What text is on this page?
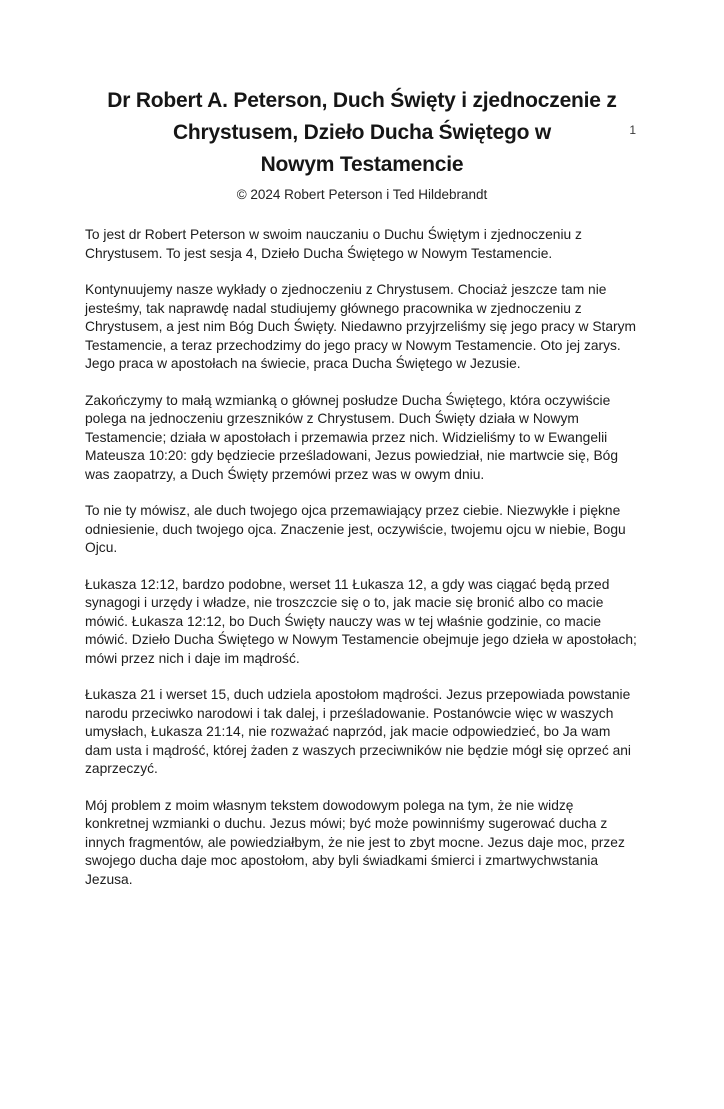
1
Dr Robert A. Peterson, Duch Święty i zjednoczenie z
Chrystusem, Dzieło Ducha Świętego w
Nowym Testamencie
© 2024 Robert Peterson i Ted Hildebrandt

To jest dr Robert Peterson w swoim nauczaniu o Duchu Świętym i zjednoczeniu z Chrystusem. To jest sesja 4, Dzieło Ducha Świętego w Nowym Testamencie.

Kontynuujemy nasze wykłady o zjednoczeniu z Chrystusem. Chociaż jeszcze tam nie jesteśmy, tak naprawdę nadal studiujemy głównego pracownika w zjednoczeniu z Chrystusem, a jest nim Bóg Duch Święty. Niedawno przyjrzeliśmy się jego pracy w Starym Testamencie, a teraz przechodzimy do jego pracy w Nowym Testamencie. Oto jej zarys. Jego praca w apostołach na świecie, praca Ducha Świętego w Jezusie.

Zakończymy to małą wzmianką o głównej posłudze Ducha Świętego, która oczywiście polega na jednoczeniu grzeszników z Chrystusem. Duch Święty działa w Nowym Testamencie; działa w apostołach i przemawia przez nich. Widzieliśmy to w Ewangelii Mateusza 10:20: gdy będziecie prześladowani, Jezus powiedział, nie martwcie się, Bóg was zaopatrzy, a Duch Święty przemówi przez was w owym dniu.

To nie ty mówisz, ale duch twojego ojca przemawiający przez ciebie. Niezwykłe i piękne odniesienie, duch twojego ojca. Znaczenie jest, oczywiście, twojemu ojcu w niebie, Bogu Ojcu.

Łukasza 12:12, bardzo podobne, werset 11 Łukasza 12, a gdy was ciągać będą przed synagogi i urzędy i władze, nie troszczcie się o to, jak macie się bronić albo co macie mówić. Łukasza 12:12, bo Duch Święty nauczy was w tej właśnie godzinie, co macie mówić. Dzieło Ducha Świętego w Nowym Testamencie obejmuje jego dzieła w apostołach; mówi przez nich i daje im mądrość.

Łukasza 21 i werset 15, duch udziela apostołom mądrości. Jezus przepowiada powstanie narodu przeciwko narodowi i tak dalej, i prześladowanie. Postanówcie więc w waszych umysłach, Łukasza 21:14, nie rozważać naprzód, jak macie odpowiedzieć, bo Ja wam dam usta i mądrość, której żaden z waszych przeciwników nie będzie mógł się oprzeć ani zaprzeczyć.

Mój problem z moim własnym tekstem dowodowym polega na tym, że nie widzę konkretnej wzmianki o duchu. Jezus mówi; być może powinniśmy sugerować ducha z innych fragmentów, ale powiedziałbym, że nie jest to zbyt mocne. Jezus daje moc, przez swojego ducha daje moc apostołom, aby byli świadkami śmierci i zmartwychwstania Jezusa.
